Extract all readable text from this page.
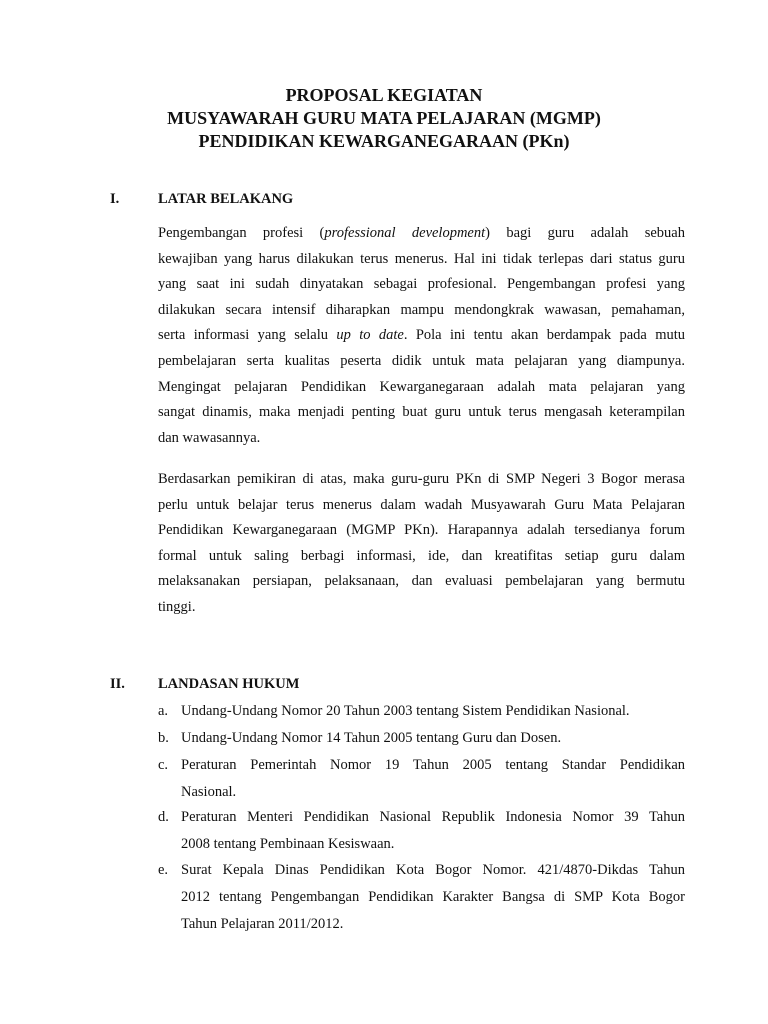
PROPOSAL KEGIATAN
MUSYAWARAH GURU MATA PELAJARAN (MGMP)
PENDIDIKAN KEWARGANEGARAAN (PKn)
I.	LATAR BELAKANG
Pengembangan profesi (professional development) bagi guru adalah sebuah
kewajiban yang harus dilakukan terus menerus. Hal ini tidak terlepas dari status guru
yang saat ini sudah dinyatakan sebagai profesional. Pengembangan profesi yang
dilakukan secara intensif diharapkan mampu mendongkrak wawasan, pemahaman,
serta informasi yang selalu up to date. Pola ini tentu akan berdampak pada mutu
pembelajaran serta kualitas peserta didik untuk mata pelajaran yang diampunya.
Mengingat pelajaran Pendidikan Kewarganegaraan adalah mata pelajaran yang
sangat dinamis, maka menjadi penting buat guru untuk terus mengasah keterampilan
dan wawasannya.
Berdasarkan pemikiran di atas, maka guru-guru PKn di SMP Negeri 3 Bogor merasa
perlu untuk belajar terus menerus dalam wadah Musyawarah Guru Mata Pelajaran
Pendidikan Kewarganegaraan (MGMP PKn). Harapannya adalah tersedianya forum
formal untuk saling berbagi informasi, ide, dan kreatifitas setiap guru dalam
melaksanakan persiapan, pelaksanaan, dan evaluasi pembelajaran yang bermutu
tinggi.
II. LANDASAN HUKUM
a. Undang-Undang Nomor 20 Tahun 2003 tentang Sistem Pendidikan Nasional.
b. Undang-Undang Nomor 14 Tahun 2005 tentang Guru dan Dosen.
c. Peraturan Pemerintah Nomor 19 Tahun 2005 tentang Standar Pendidikan
Nasional.
d. Peraturan Menteri Pendidikan Nasional Republik Indonesia Nomor 39 Tahun
2008 tentang Pembinaan Kesiswaan.
e. Surat Kepala Dinas Pendidikan Kota Bogor Nomor. 421/4870-Dikdas Tahun
2012 tentang Pengembangan Pendidikan Karakter Bangsa di SMP Kota Bogor
Tahun Pelajaran 2011/2012.
